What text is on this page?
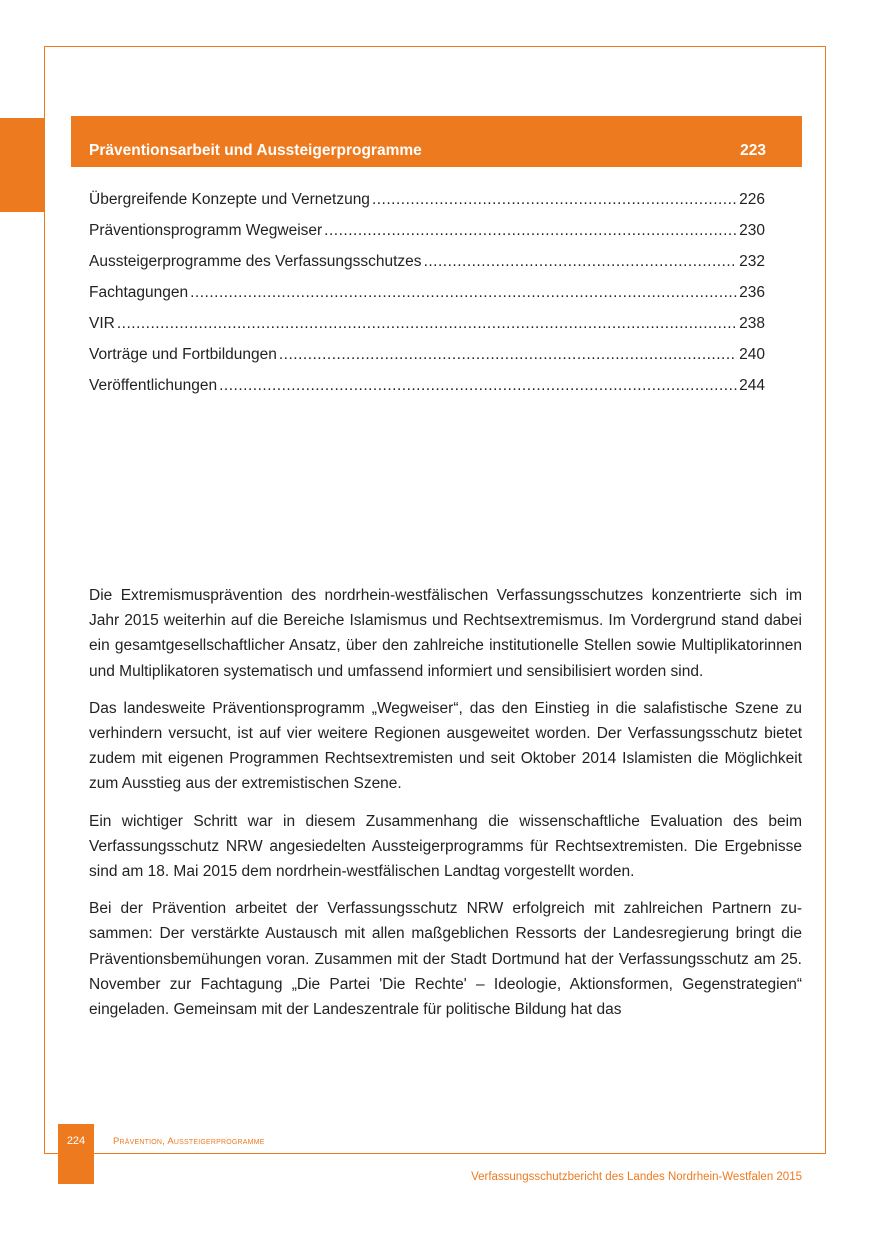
Präventionsarbeit und Aussteigerprogramme	223
Übergreifende Konzepte und Vernetzung .....	226
Präventionsprogramm Wegweiser .....	230
Aussteigerprogramme des Verfassungsschutzes .....	232
Fachtagungen .....	236
VIR .....	238
Vorträge und Fortbildungen .....	240
Veröffentlichungen .....	244

Die Extremismusprävention des nordrhein-westfälischen Verfassungsschutzes konzentrierte sich im Jahr 2015 weiterhin auf die Bereiche Islamismus und Rechtsextremismus. Im Vordergrund stand dabei ein gesamtgesellschaftlicher Ansatz, über den zahlreiche institutionelle Stellen sowie Multiplikatorinnen und Multiplikatoren systematisch und umfassend informiert und sensibilisiert worden sind.

Das landesweite Präventionsprogramm „Wegweiser“, das den Einstieg in die salafistische Szene zu verhindern versucht, ist auf vier weitere Regionen ausgeweitet worden. Der Verfassungsschutz bietet zudem mit eigenen Programmen Rechtsextremisten und seit Oktober 2014 Islamisten die Möglichkeit zum Ausstieg aus der extremistischen Szene.

Ein wichtiger Schritt war in diesem Zusammenhang die wissenschaftliche Evaluation des beim Verfassungsschutz NRW angesiedelten Aussteigerprogramms für Rechtsextremisten. Die Ergebnisse sind am 18. Mai 2015 dem nordrhein-westfälischen Landtag vorgestellt worden.

Bei der Prävention arbeitet der Verfassungsschutz NRW erfolgreich mit zahlreichen Partnern zusammen: Der verstärkte Austausch mit allen maßgeblichen Ressorts der Landesregierung bringt die Präventionsbemühungen voran. Zusammen mit der Stadt Dortmund hat der Verfassungsschutz am 25. November zur Fachtagung „Die Partei 'Die Rechte' – Ideologie, Aktionsformen, Gegenstrategien“ eingeladen. Gemeinsam mit der Landeszentrale für politische Bildung hat das

224	Prävention, Aussteigerprogramme
Verfassungsschutzbericht des Landes Nordrhein-Westfalen 2015
